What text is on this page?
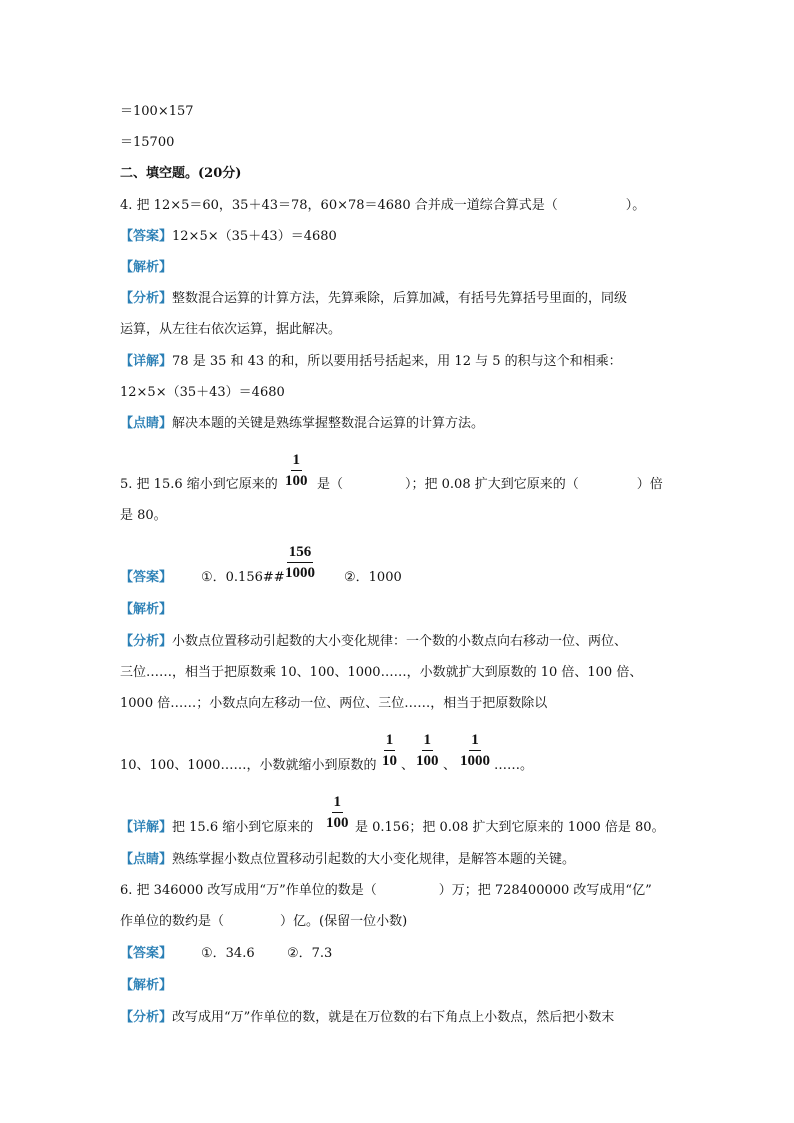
＝100×157
＝15700
二、填空题。(20分)
4. 把 12×5＝60，35＋43＝78，60×78＝4680 合并成一道综合算式是（	）。
【答案】12×5×（35＋43）＝4680
【解析】
【分析】整数混合运算的计算方法，先算乘除，后算加减，有括号先算括号里面的，同级
运算，从左往右依次运算，据此解决。
【详解】78 是 35 和 43 的和，所以要用括号括起来，用 12 与 5 的积与这个和相乘：
12×5×（35＋43）＝4680
【点睛】解决本题的关键是熟练掌握整数混合运算的计算方法。
$\frac{1}{100}$
5. 把 15.6 缩小到它原来的	是（	）；把 0.08 扩大到它原来的（	）倍
是 80。
$\frac{156}{1000}$
【答案】 ①．0.156##	②．1000
【解析】
【分析】小数点位置移动引起数的大小变化规律：一个数的小数点向右移动一位、两位、
三位……，相当于把原数乘 10、100、1000……，小数就扩大到原数的 10 倍、100 倍、
1000 倍……；小数点向左移动一位、两位、三位……，相当于把原数除以
$\frac{1}{10} \frac{1}{100} \frac{1}{1000}$
10、100、1000……，小数就缩小到原数的 、 、	……。
$\frac{1}{100}$
【详解】把 15.6 缩小到它原来的	是 0.156；把 0.08 扩大到它原来的 1000 倍是 80。
【点睛】熟练掌握小数点位置移动引起数的大小变化规律，是解答本题的关键。
6. 把 346000 改写成用“万”作单位的数是（	）万；把 728400000 改写成用“亿”
作单位的数约是（	）亿。(保留一位小数)
【答案】 ①．34.6 ②．7.3
【解析】
【分析】改写成用“万”作单位的数，就是在万位数的右下角点上小数点，然后把小数末
